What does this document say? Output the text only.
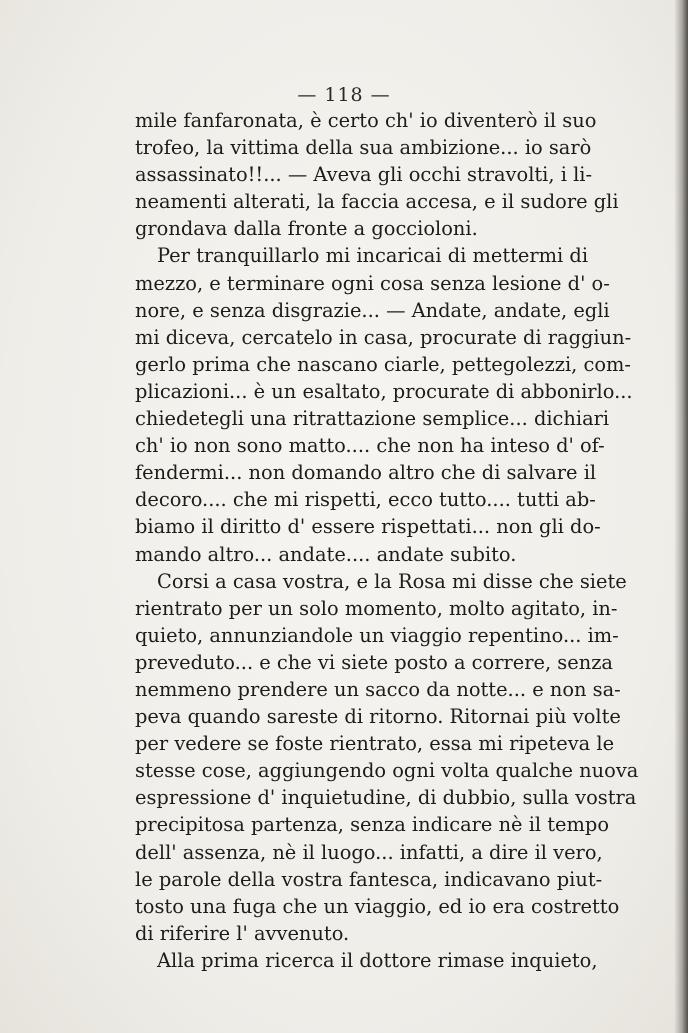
— 118 —
mile fanfaronata, è certo ch' io diventerò il suo
trofeo, la vittima della sua ambizione... io sarò
assassinato!!... — Aveva gli occhi stravolti, i li-
neamenti alterati, la faccia accesa, e il sudore gli
grondava dalla fronte a goccioloni.
Per tranquillarlo mi incaricai di mettermi di
mezzo, e terminare ogni cosa senza lesione d' o-
nore, e senza disgrazie... — Andate, andate, egli
mi diceva, cercatelo in casa, procurate di raggiun-
gerlo prima che nascano ciarle, pettegolezzi, com-
plicazioni... è un esaltato, procurate di abbonirlo...
chiedetegli una ritrattazione semplice... dichiari
ch' io non sono matto.... che non ha inteso d' of-
fendermi... non domando altro che di salvare il
decoro.... che mi rispetti, ecco tutto.... tutti ab-
biamo il diritto d' essere rispettati... non gli do-
mando altro... andate.... andate subito.
Corsi a casa vostra, e la Rosa mi disse che siete
rientrato per un solo momento, molto agitato, in-
quieto, annunziandole un viaggio repentino... im-
preveduto... e che vi siete posto a correre, senza
nemmeno prendere un sacco da notte... e non sa-
peva quando sareste di ritorno. Ritornai più volte
per vedere se foste rientrato, essa mi ripeteva le
stesse cose, aggiungendo ogni volta qualche nuova
espressione d' inquietudine, di dubbio, sulla vostra
precipitosa partenza, senza indicare nè il tempo
dell' assenza, nè il luogo... infatti, a dire il vero,
le parole della vostra fantesca, indicavano piut-
tosto una fuga che un viaggio, ed io era costretto
di riferire l' avvenuto.
Alla prima ricerca il dottore rimase inquieto,
